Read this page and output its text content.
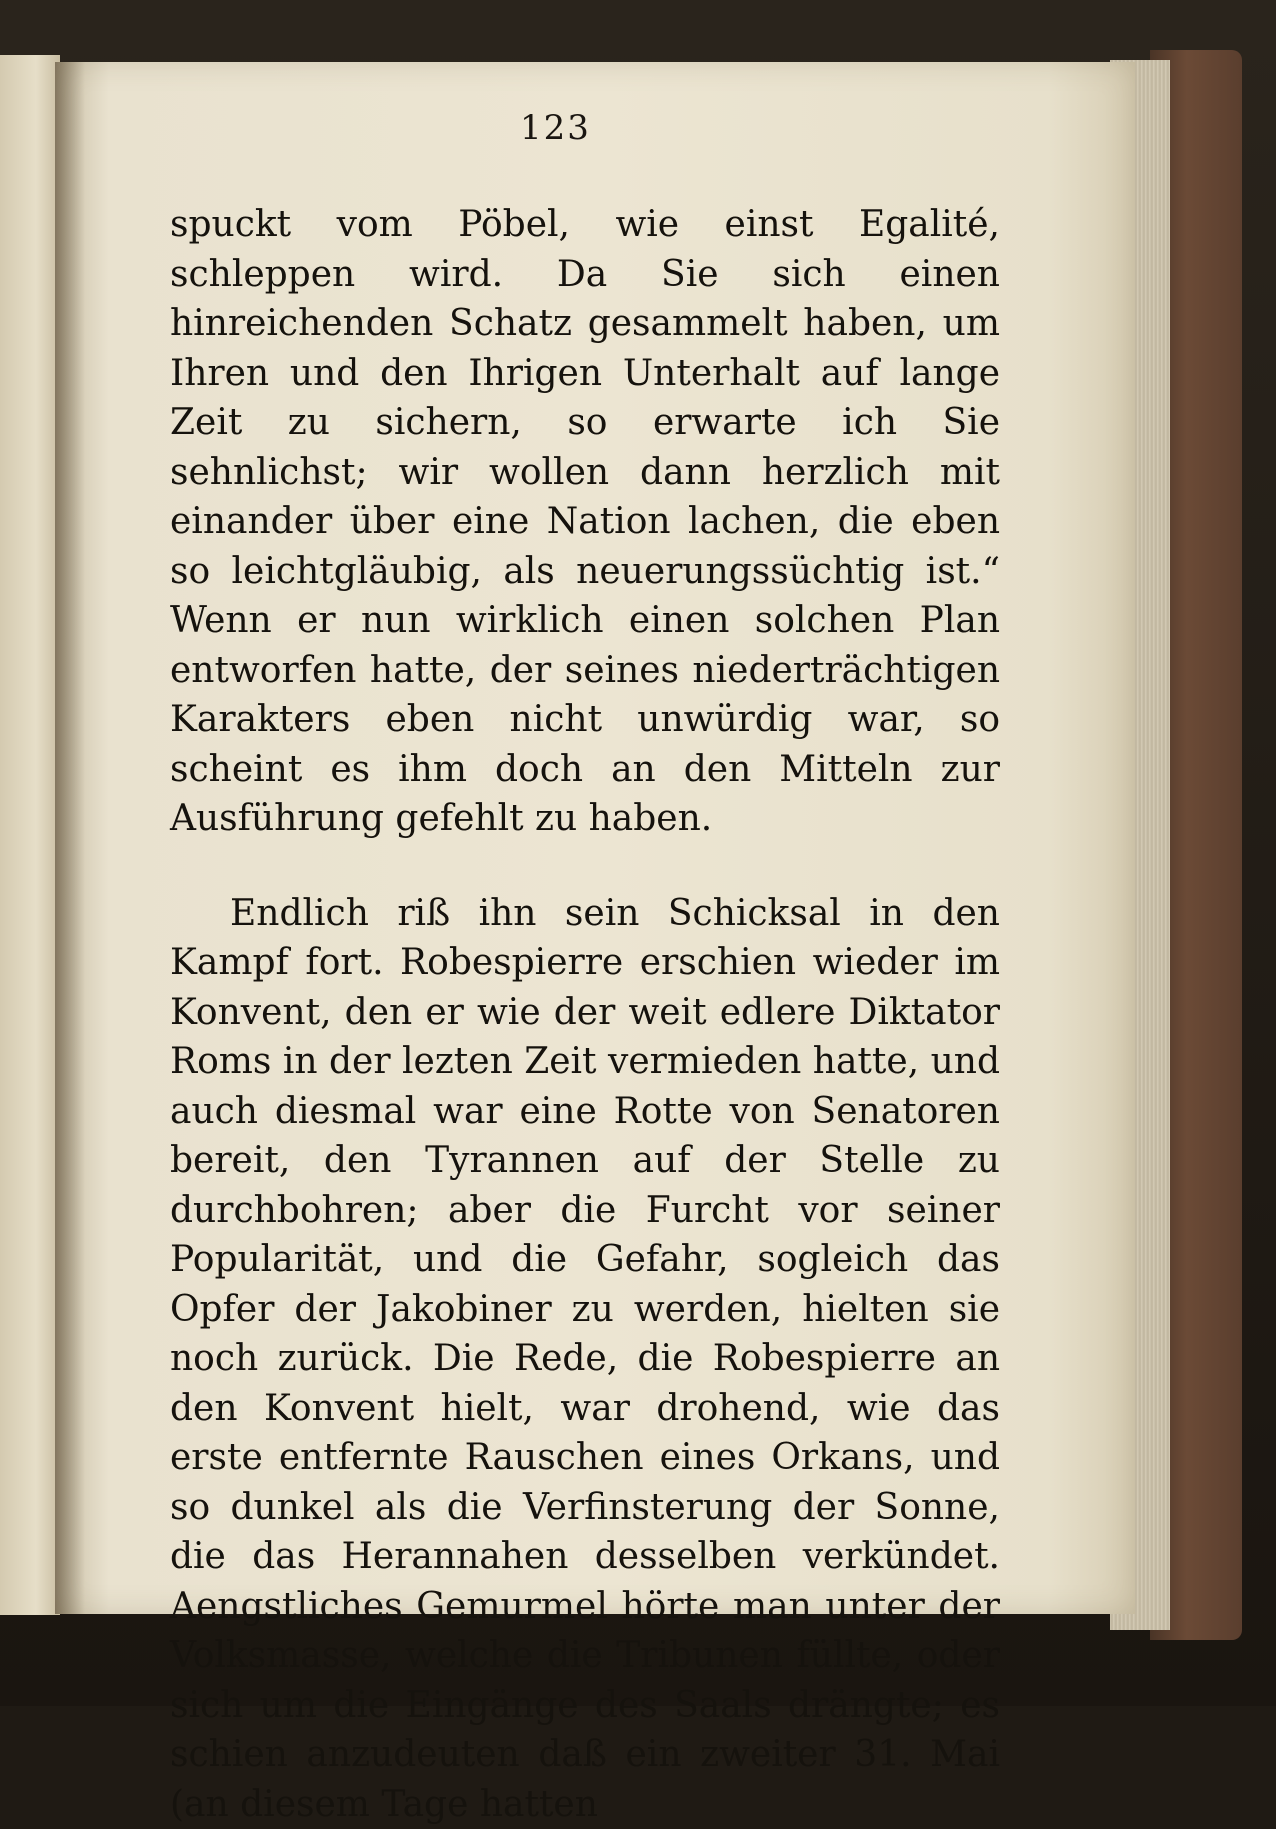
123

spuckt vom Pöbel, wie einst Egalité, schleppen wird. Da Sie sich einen hinreichenden Schatz gesammelt haben, um Ihren und den Ihrigen Unterhalt auf lange Zeit zu sichern, so erwarte ich Sie sehnlichst; wir wollen dann herzlich mit einander über eine Nation lachen, die eben so leichtgläubig, als neuerungssüchtig ist.“ Wenn er nun wirklich einen solchen Plan entworfen hatte, der seines niederträchtigen Karakters eben nicht unwürdig war, so scheint es ihm doch an den Mitteln zur Ausführung gefehlt zu haben.

Endlich riß ihn sein Schicksal in den Kampf fort. Robespierre erschien wieder im Konvent, den er wie der weit edlere Diktator Roms in der lezten Zeit vermieden hatte, und auch diesmal war eine Rotte von Senatoren bereit, den Tyrannen auf der Stelle zu durchbohren; aber die Furcht vor seiner Popularität, und die Gefahr, sogleich das Opfer der Jakobiner zu werden, hielten sie noch zurück. Die Rede, die Robespierre an den Konvent hielt, war drohend, wie das erste entfernte Rauschen eines Orkans, und so dunkel als die Verfinsterung der Sonne, die das Herannahen desselben verkündet. Aengstliches Gemurmel hörte man unter der Volksmasse, welche die Tribunen füllte, oder sich um die Eingänge des Saals drängte; es schien anzudeuten daß ein zweiter 31. Mai (an diesem Tage hatten
